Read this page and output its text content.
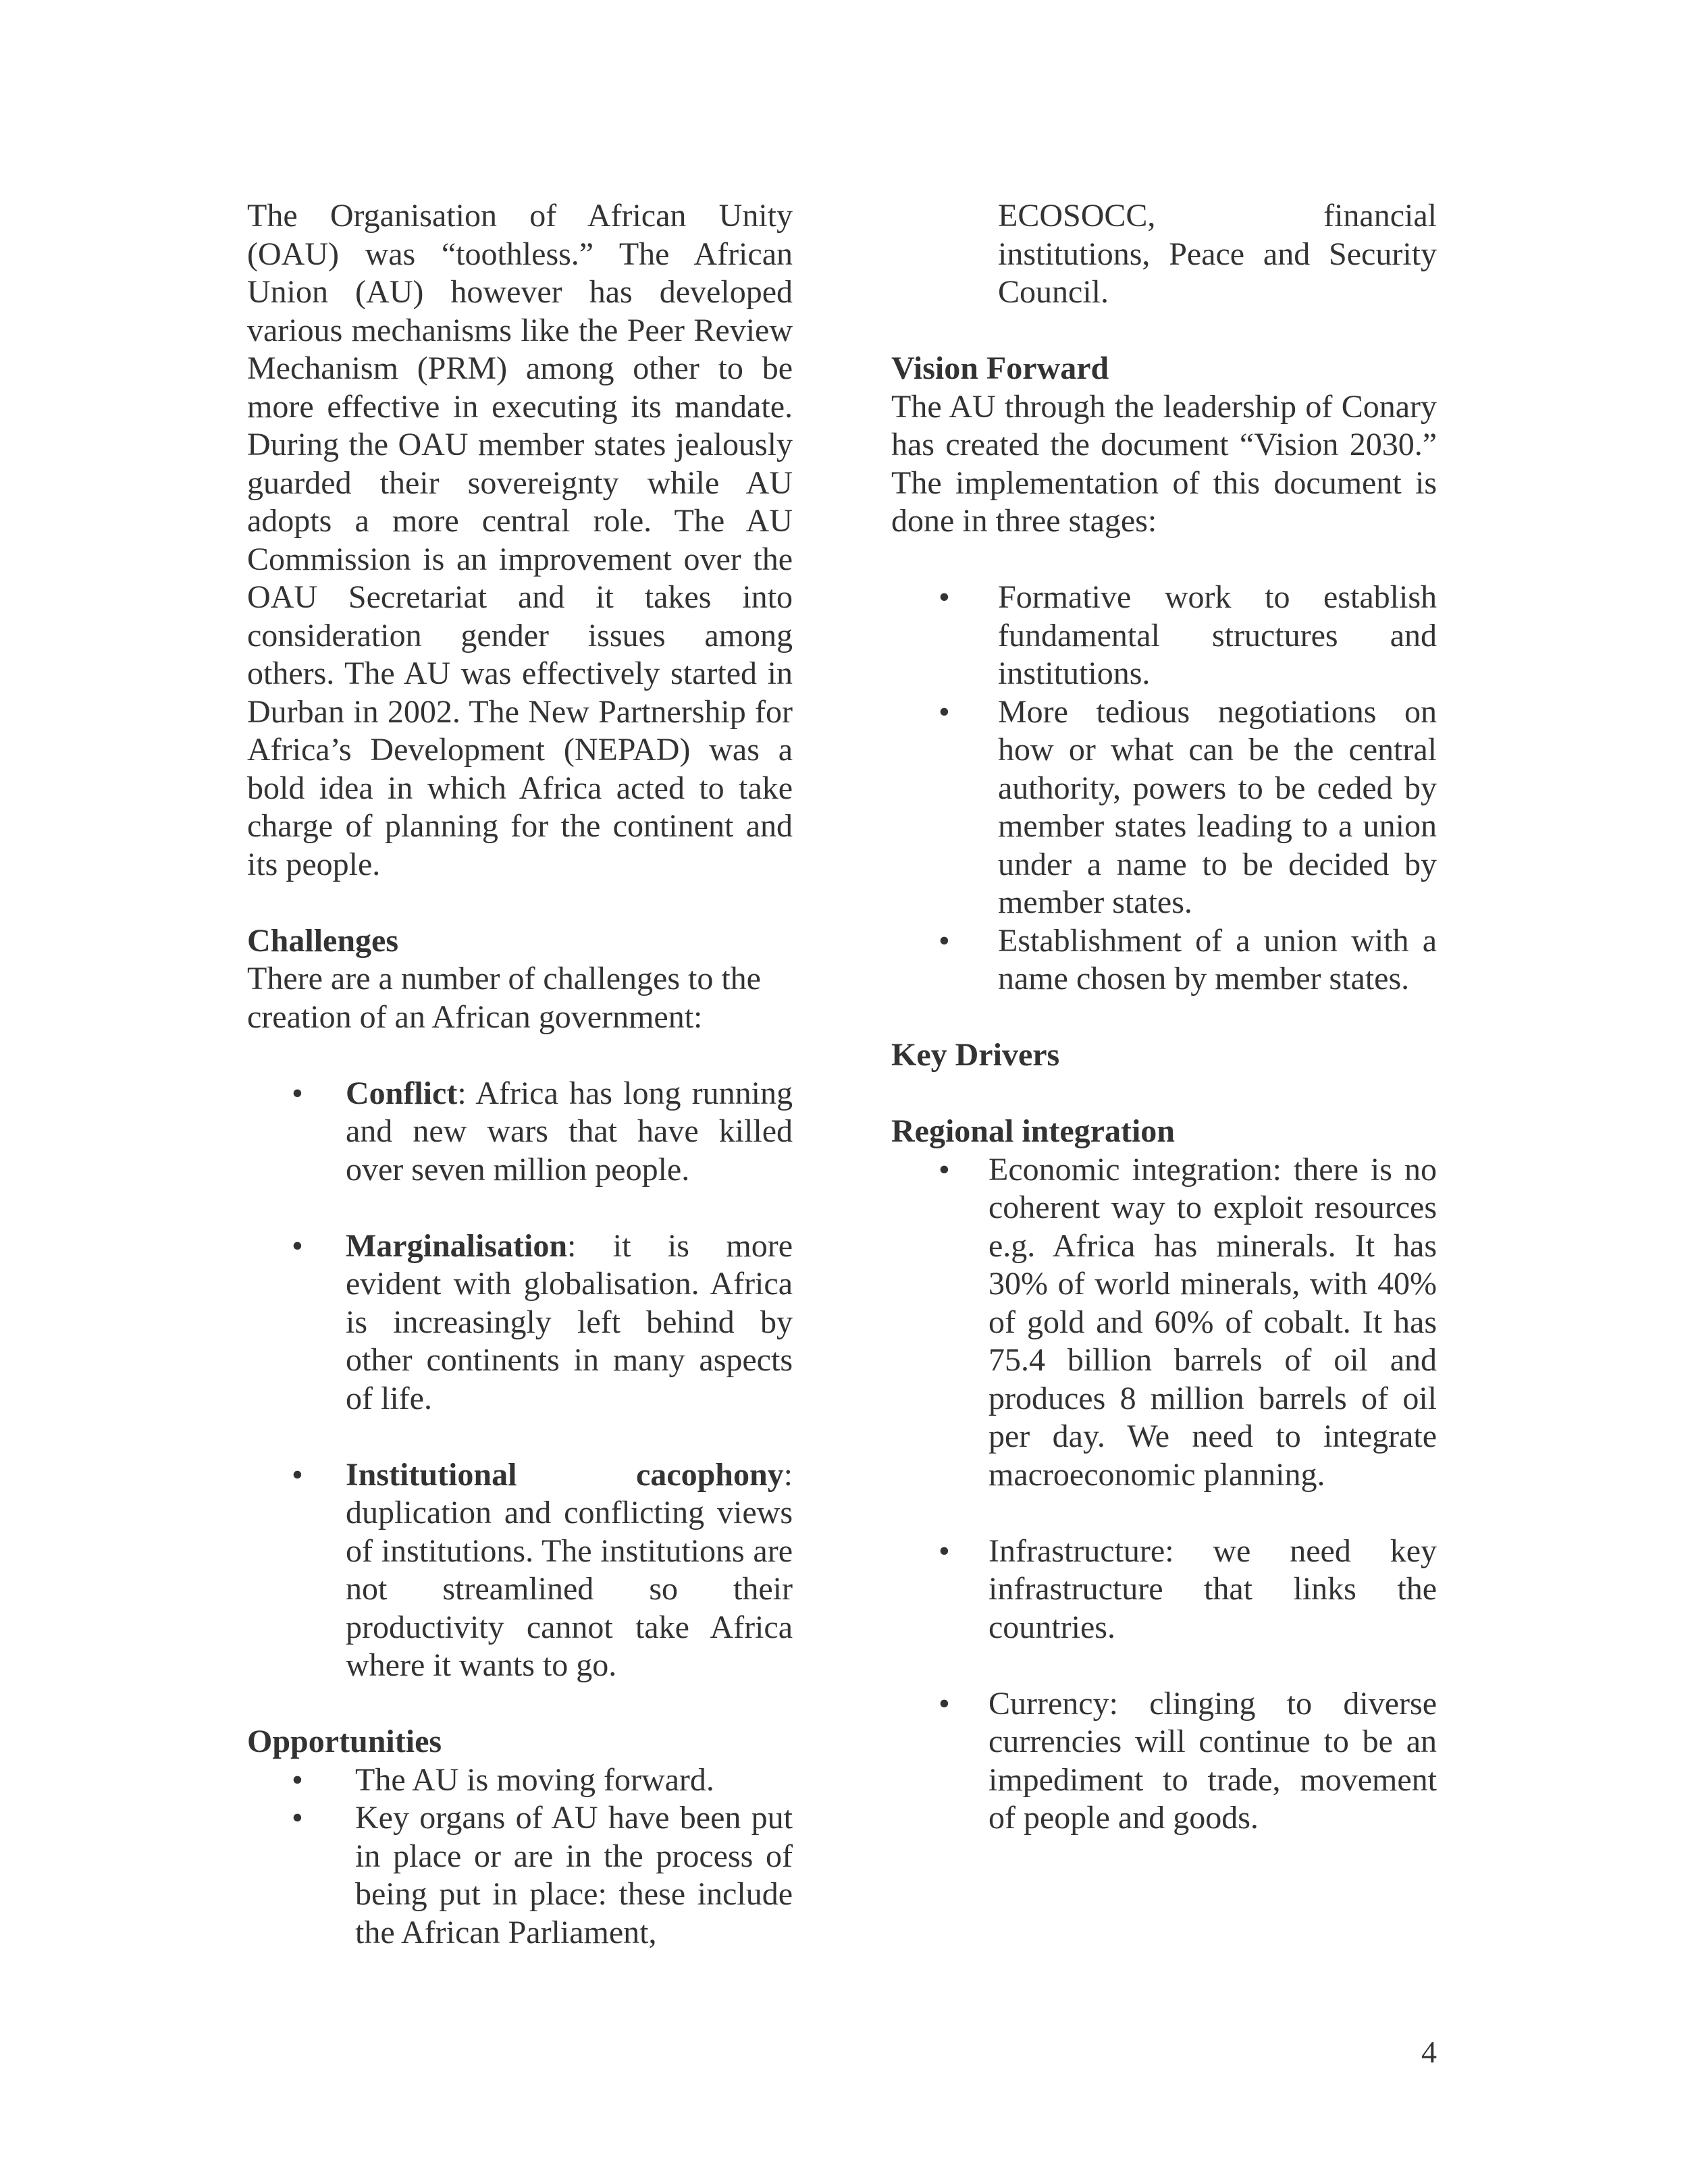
The Organisation of African Unity (OAU) was “toothless.” The African Union (AU) however has developed various mechanisms like the Peer Review Mechanism (PRM) among other to be more effective in executing its mandate. During the OAU member states jealously guarded their sovereignty while AU adopts a more central role. The AU Commission is an improvement over the OAU Secretariat and it takes into consideration gender issues among others. The AU was effectively started in Durban in 2002. The New Partnership for Africa’s Development (NEPAD) was a bold idea in which Africa acted to take charge of planning for the continent and its people.

Challenges

There are a number of challenges to the creation of an African government:

• Conflict: Africa has long running and new wars that have killed over seven million people.
• Marginalisation: it is more evident with globalisation. Africa is increasingly left behind by other continents in many aspects of life.
• Institutional cacophony: duplication and conflicting views of institutions. The institutions are not streamlined so their productivity cannot take Africa where it wants to go.

Opportunities

• The AU is moving forward.
• Key organs of AU have been put in place or are in the process of being put in place: these include the African Parliament,

ECOSOCC, financial institutions, Peace and Security Council.

Vision Forward

The AU through the leadership of Conary has created the document “Vision 2030.” The implementation of this document is done in three stages:

• Formative work to establish fundamental structures and institutions.
• More tedious negotiations on how or what can be the central authority, powers to be ceded by member states leading to a union under a name to be decided by member states.
• Establishment of a union with a name chosen by member states.

Key Drivers

Regional integration

• Economic integration: there is no coherent way to exploit resources e.g. Africa has minerals. It has 30% of world minerals, with 40% of gold and 60% of cobalt. It has 75.4 billion barrels of oil and produces 8 million barrels of oil per day. We need to integrate macroeconomic planning.
• Infrastructure: we need key infrastructure that links the countries.
• Currency: clinging to diverse currencies will continue to be an impediment to trade, movement of people and goods.
4
